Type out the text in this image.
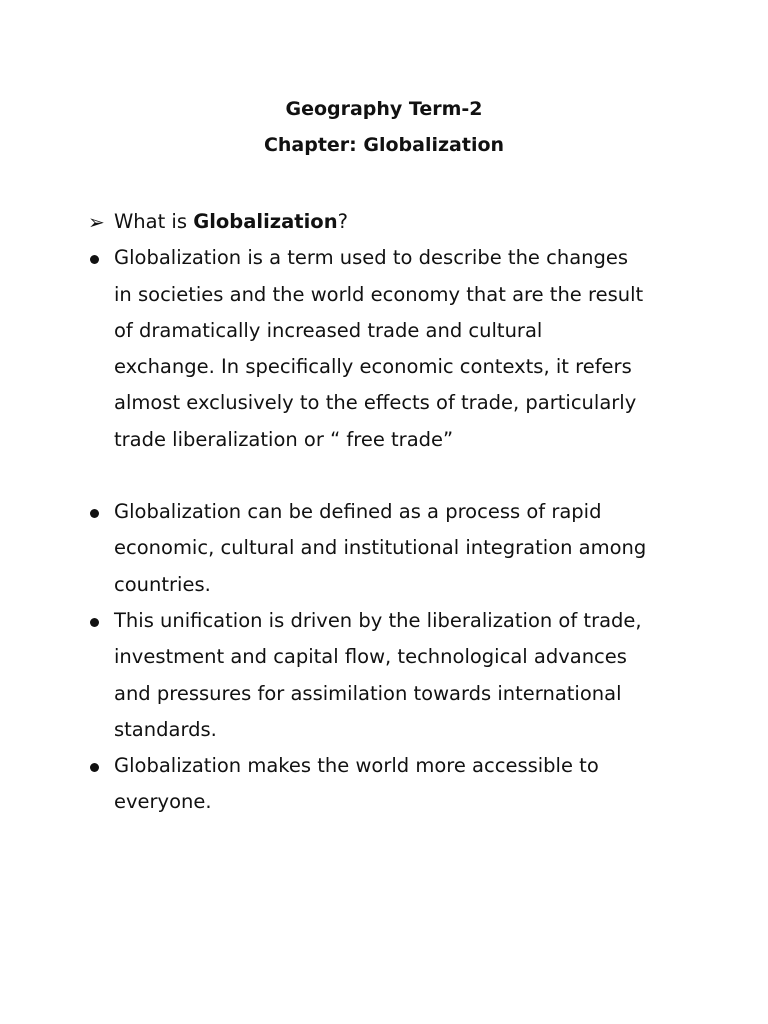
Geography Term-2
Chapter: Globalization
➢ What is Globalization?
Globalization is a term used to describe the changes
in societies and the world economy that are the result
of dramatically increased trade and cultural
exchange. In specifically economic contexts, it refers
almost exclusively to the effects of trade, particularly
trade liberalization or “ free trade”
Globalization can be defined as a process of rapid
economic, cultural and institutional integration among
countries.
This unification is driven by the liberalization of trade,
investment and capital flow, technological advances
and pressures for assimilation towards international
standards.
Globalization makes the world more accessible to
everyone.
